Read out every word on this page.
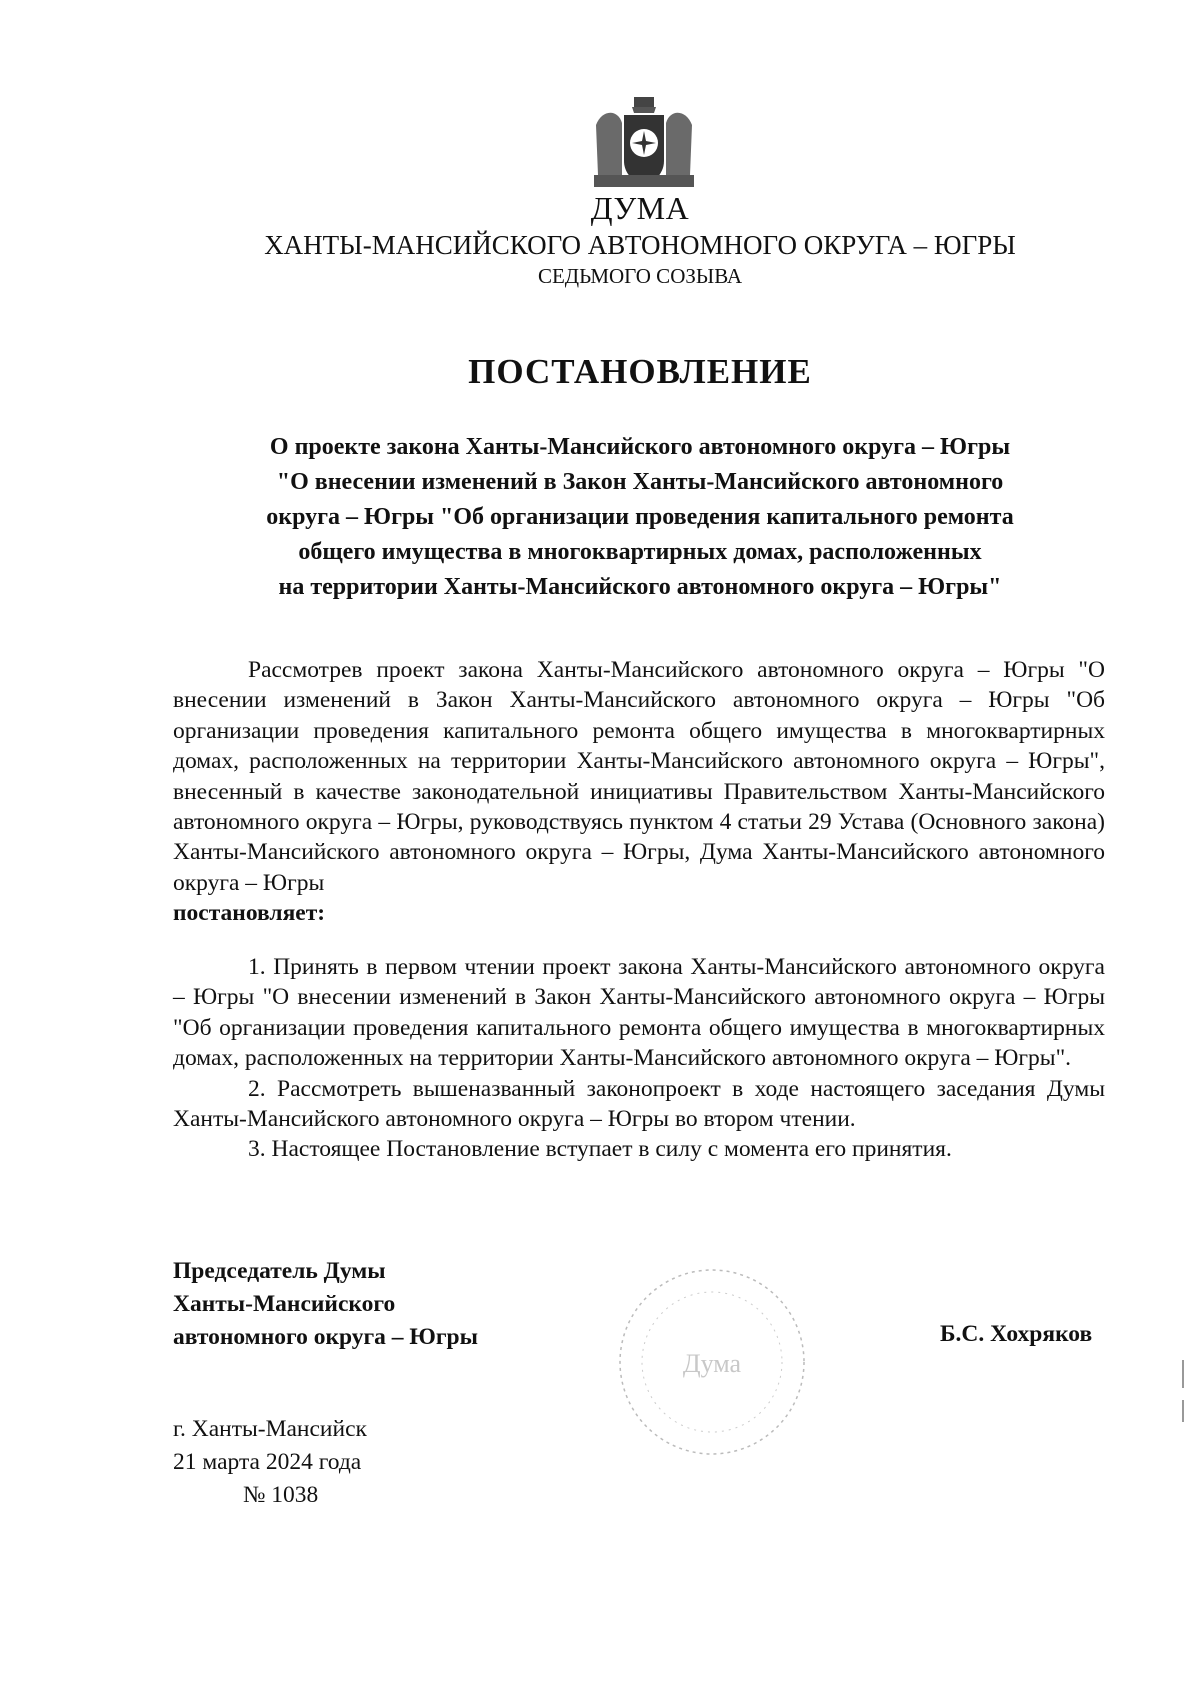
ДУМА
ХАНТЫ-МАНСИЙСКОГО АВТОНОМНОГО ОКРУГА – ЮГРЫ
СЕДЬМОГО СОЗЫВА
ПОСТАНОВЛЕНИЕ
О проекте закона Ханты-Мансийского автономного округа – Югры
"О внесении изменений в Закон Ханты-Мансийского автономного
округа – Югры "Об организации проведения капитального ремонта
общего имущества в многоквартирных домах, расположенных
на территории Ханты-Мансийского автономного округа – Югры"

Рассмотрев проект закона Ханты-Мансийского автономного округа – Югры "О внесении изменений в Закон Ханты-Мансийского автономного округа – Югры "Об организации проведения капитального ремонта общего имущества в многоквартирных домах, расположенных на территории Ханты-Мансийского автономного округа – Югры", внесенный в качестве законодательной инициативы Правительством Ханты-Мансийского автономного округа – Югры, руководствуясь пунктом 4 статьи 29 Устава (Основного закона) Ханты-Мансийского автономного округа – Югры, Дума Ханты-Мансийского автономного округа – Югры

постановляет:

1. Принять в первом чтении проект закона Ханты-Мансийского автономного округа – Югры "О внесении изменений в Закон Ханты-Мансийского автономного округа – Югры "Об организации проведения капитального ремонта общего имущества в многоквартирных домах, расположенных на территории Ханты-Мансийского автономного округа – Югры".

2. Рассмотреть вышеназванный законопроект в ходе настоящего заседания Думы Ханты-Мансийского автономного округа – Югры во втором чтении.

3. Настоящее Постановление вступает в силу с момента его принятия.

Председатель Думы
Ханты-Мансийского
автономного округа – Югры
Дума
Б.С. Хохряков
г. Ханты-Мансийск
21 марта 2024 года
№ 1038
